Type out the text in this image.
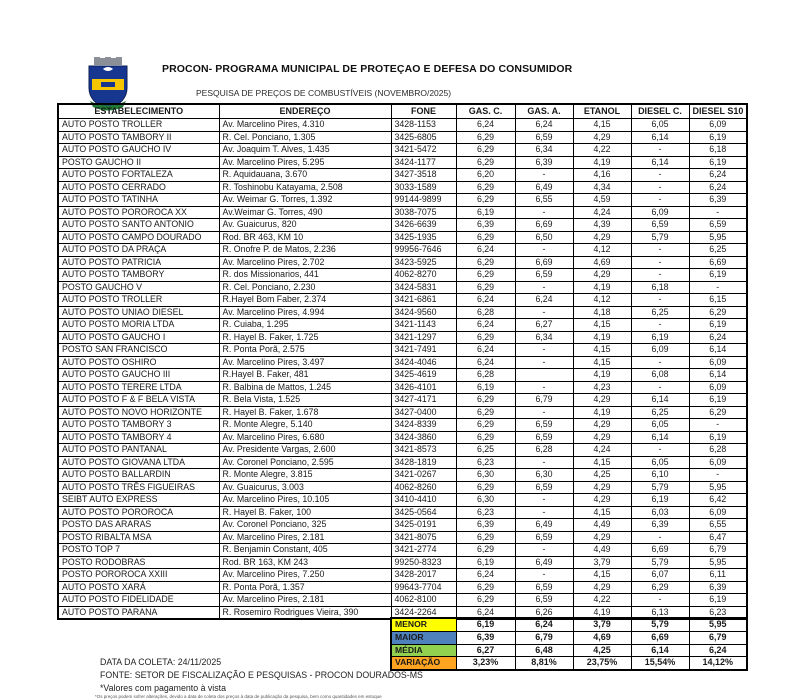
PROCON- PROGRAMA MUNICIPAL DE PROTEÇAO E DEFESA DO CONSUMIDOR
PESQUISA DE PREÇOS DE COMBUSTÍVEIS (NOVEMBRO/2025)
ESTABELECIMENTO	ENDEREÇO	FONE	GAS. C.	GAS. A.	ETANOL	DIESEL C.	DIESEL S10
AUTO POSTO TROLLER	Av. Marcelino Pires, 4.310	3428-1153	6,24	6,24	4,15	6,05	6,09
AUTO POSTO TAMBORY II	R. Cel. Ponciano, 1.305	3425-6805	6,29	6,59	4,29	6,14	6,19
AUTO POSTO GAUCHO IV	Av. Joaquim T. Alves, 1.435	3421-5472	6,29	6,34	4,22	-	6,18
POSTO GAUCHO II	Av. Marcelino Pires, 5.295	3424-1177	6,29	6,39	4,19	6,14	6,19
AUTO POSTO FORTALEZA	R. Aquidauana, 3.670	3427-3518	6,20	-	4,16	-	6,24
AUTO POSTO CERRADO	R. Toshinobu Katayama, 2.508	3033-1589	6,29	6,49	4,34	-	6,24
AUTO POSTO TATINHA	Av. Weimar G. Torres, 1.392	99144-9899	6,29	6,55	4,59	-	6,39
AUTO POSTO POROROCA XX	Av.Weimar G. Torres, 490	3038-7075	6,19	-	4,24	6,09	-
AUTO POSTO SANTO ANTONIO	Av. Guaicurus, 820	3426-6639	6,39	6,69	4,39	6,59	6,59
AUTO POSTO CAMPO DOURADO	Rod. BR 463, KM 10	3425-1935	6,29	6,50	4,29	5,79	5,95
AUTO POSTO DA PRAÇA	R. Onofre P. de Matos, 2.236	99956-7646	6,24	-	4,12	-	6,25
AUTO POSTO PATRICIA	Av. Marcelino Pires, 2.702	3423-5925	6,29	6,69	4,69	-	6,69
AUTO POSTO TAMBORY	R. dos Missionarios, 441	4062-8270	6,29	6,59	4,29	-	6,19
POSTO GAUCHO V	R. Cel. Ponciano, 2.230	3424-5831	6,29	-	4,19	6,18	-
AUTO POSTO TROLLER	R.Hayel Bom Faber, 2.374	3421-6861	6,24	6,24	4,12	-	6,15
AUTO POSTO UNIAO DIESEL	Av. Marcelino Pires, 4.994	3424-9560	6,28	-	4,18	6,25	6,29
AUTO POSTO MORIA LTDA	R. Cuiaba, 1.295	3421-1143	6,24	6,27	4,15	-	6,19
AUTO POSTO GAUCHO I	R. Hayel B. Faker, 1.725	3421-1297	6,29	6,34	4,19	6,19	6,24
POSTO SAN FRANCISCO	R. Ponta Porã, 2.575	3421-7491	6,24	-	4,15	6,09	6,14
AUTO POSTO OSHIRO	Av. Marcelino Pires, 3.497	3424-4046	6,24	-	4,15	-	6,09
AUTO POSTO GAUCHO III	R.Hayel B. Faker, 481	3425-4619	6,28		4,19	6,08	6,14
AUTO POSTO TERERE LTDA	R. Balbina de Mattos, 1.245	3426-4101	6,19	-	4,23	-	6,09
AUTO POSTO F & F BELA VISTA	R. Bela Vista, 1.525	3427-4171	6,29	6,79	4,29	6,14	6,19
AUTO POSTO NOVO HORIZONTE	R. Hayel B. Faker, 1.678	3427-0400	6,29	-	4,19	6,25	6,29
AUTO POSTO TAMBORY 3	R. Monte Alegre, 5.140	3424-8339	6,29	6,59	4,29	6,05	-
AUTO POSTO TAMBORY 4	Av. Marcelino Pires, 6.680	3424-3860	6,29	6,59	4,29	6,14	6,19
AUTO POSTO PANTANAL	Av. Presidente Vargas, 2.600	3421-8573	6,25	6,28	4,24	-	6,28
AUTO POSTO GIOVANA LTDA	Av. Coronel Ponciano, 2.595	3428-1819	6,23	-	4,15	6,05	6,09
AUTO POSTO BALLARDIN	R. Monte Alegre, 3.815	3421-0267	6,30	6,30	4,25	6,10	-
AUTO POSTO TRÊS FIGUEIRAS	Av. Guaicurus, 3.003	4062-8260	6,29	6,59	4,29	5,79	5,95
SEIBT AUTO EXPRESS	Av. Marcelino Pires, 10.105	3410-4410	6,30	-	4,29	6,19	6,42
AUTO POSTO POROROCA	R. Hayel B. Faker, 100	3425-0564	6,23	-	4,15	6,03	6,09
POSTO DAS ARARAS	Av. Coronel Ponciano, 325	3425-0191	6,39	6,49	4,49	6,39	6,55
POSTO RIBALTA MSA	Av. Marcelino Pires, 2.181	3421-8075	6,29	6,59	4,29	-	6,47
POSTO TOP 7	R. Benjamin Constant, 405	3421-2774	6,29	-	4,49	6,69	6,79
POSTO RODOBRAS	Rod. BR 163, KM 243	99250-8323	6,19	6,49	3,79	5,79	5,95
POSTO POROROCA XXIII	Av. Marcelino Pires, 7.250	3428-2017	6,24	-	4,15	6,07	6,11
AUTO POSTO XARÁ	R. Ponta Porã, 1.357	99643-7704	6,29	6,59	4,29	6,29	6,39
AUTO POSTO FIDELIDADE	Av. Marcelino Pires, 2.181	4062-8100	6,29	6,59	4,22	-	6,19
AUTO POSTO PARANA	R. Rosemiro Rodrigues Vieira, 390	3424-2264	6,24	6,26	4,19	6,13	6,23
MENOR	6,19	6,24	3,79	5,79	5,95
MAIOR	6,39	6,79	4,69	6,69	6,79
MÉDIA	6,27	6,48	4,25	6,14	6,24
VARIAÇÃO	3,23%	8,81%	23,75%	15,54%	14,12%
DATA DA COLETA: 24/11/2025
FONTE: SETOR DE FISCALIZAÇÃO E PESQUISAS - PROCON DOURADOS-MS
*Valores com pagamento à vista
*Os preços podem sofrer alterações, devido a data de coleta dos preços à data de publicação da pesquisa, bem como quantidades em estoque
